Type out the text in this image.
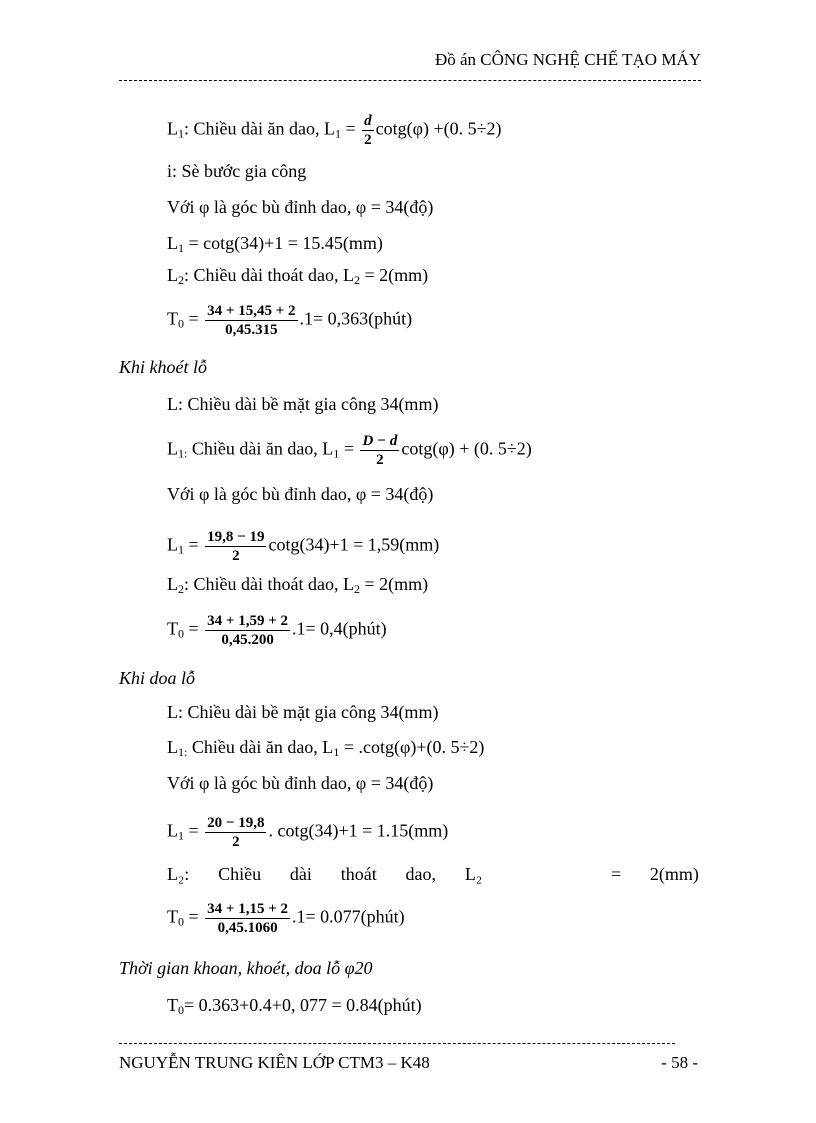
Đồ án CÔNG NGHỆ CHẾ TẠO MÁY
$L_1$: Chiều dài ăn dao, $L_1 = \frac{d}{2} \cot g(\varphi) +(0$. 5÷2)
i: Sè bước gia công
Với φ là góc bù đỉnh dao, φ = 34(độ)
$L_1 = \cot g(34)+1 = 15.45(mm)$
$L_2$: Chiều dài thoát dao, $L_2 = 2(mm)$
$T_0 = \frac{34 + 15,45 + 2}{0,45.315} .1=$ 0,363(phút)
Khi khoét lỗ
L: Chiều dài bề mặt gia công 34(mm)
$L_{1:}$ Chiều dài ăn dao, $L_1 = \frac{D - d}{2} \cot g(\varphi) + (0$. 5÷2)
Với φ là góc bù đỉnh dao, φ = 34(độ)
$L_1 = \frac{19,8 - 19}{2} \cot g(34)+1 = 1,59(mm)$
$L_2$: Chiều dài thoát dao, $L_2 = 2(mm)$
$T_0 = \frac{34 + 1,59 + 2}{0,45.200} .1=$ 0,4(phút)
Khi doa lỗ
L: Chiều dài bề mặt gia công 34(mm)
$L_{1:}$ Chiều dài ăn dao, $L_1 = .\cot g(\varphi)+(0$. 5÷2)
Với φ là góc bù đỉnh dao, φ = 34(độ)
$L_1 = \frac{20 - 19,8}{2}$ . cotg(34)+1 = 1.15(mm)
L₂: Chiều dài thoát dao, L₂	= 2(mm)
$T_0 = \frac{34 + 1,15 + 2}{0,45.1060} .1=$ 0.077(phút)
Thời gian khoan, khoét, doa lỗ φ20
$T_0= 0.363+0.4+0$, 077 = 0.84(phút)
NGUYỄN TRUNG KIÊN LỚP CTM3 – K48	- 58 -
